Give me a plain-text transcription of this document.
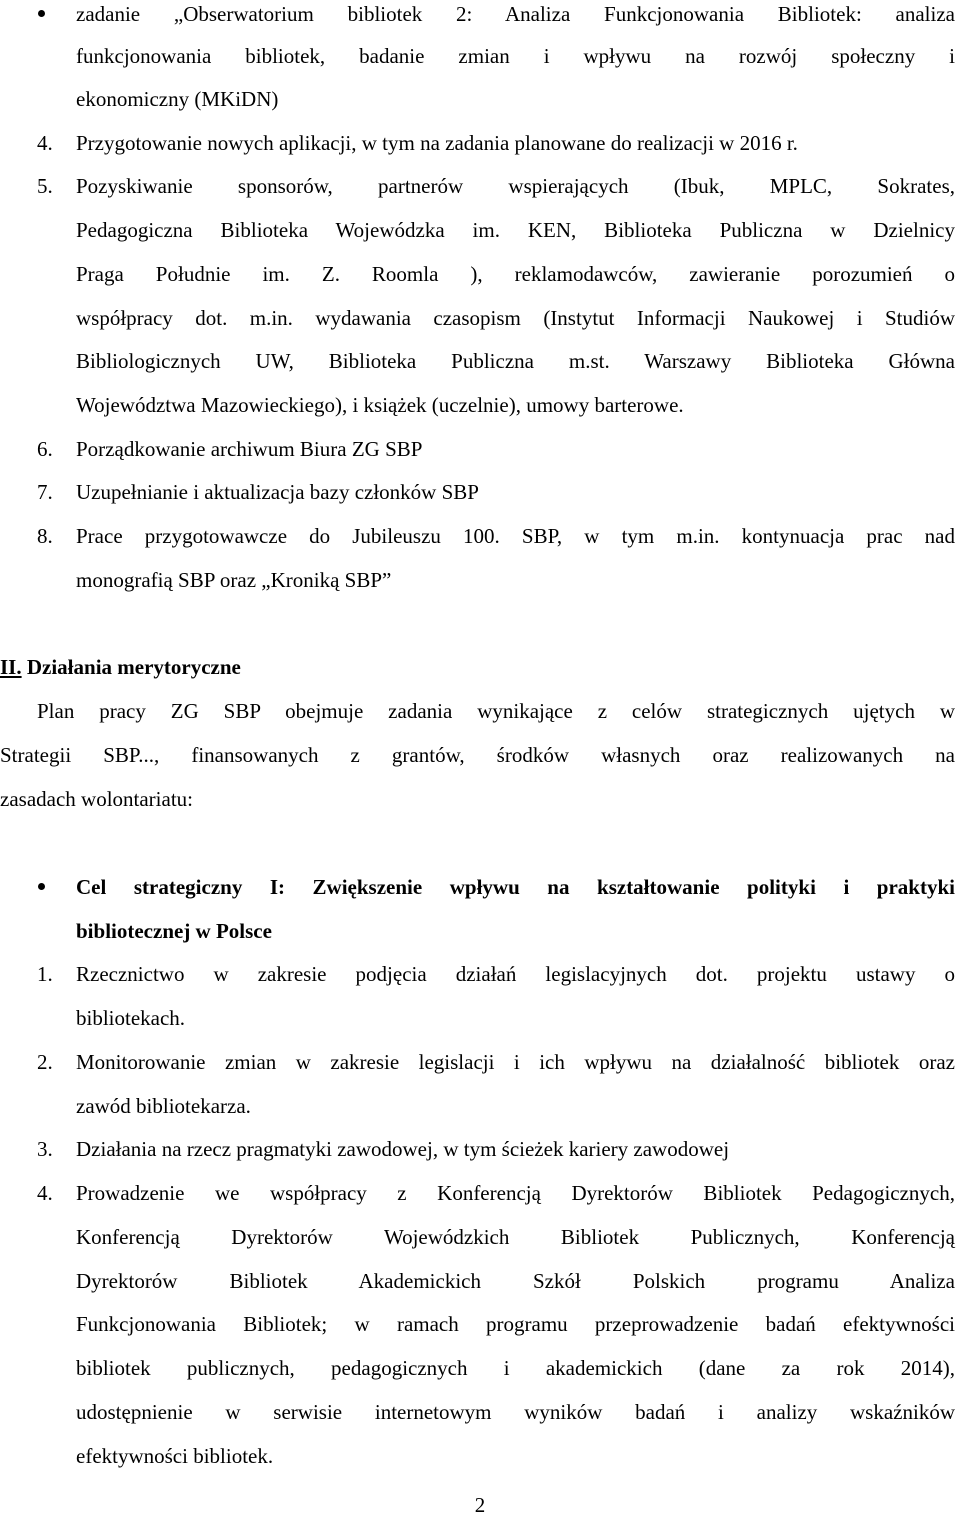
zadanie „Obserwatorium bibliotek 2: Analiza Funkcjonowania Bibliotek: analiza
funkcjonowania bibliotek, badanie zmian i wpływu na rozwój społeczny i
ekonomiczny (MKiDN)
4. Przygotowanie nowych aplikacji, w tym na zadania planowane do realizacji w 2016 r.
5. Pozyskiwanie sponsorów, partnerów wspierających (Ibuk, MPLC, Sokrates,
Pedagogiczna Biblioteka Wojewódzka im. KEN, Biblioteka Publiczna w Dzielnicy
Praga Południe im. Z. Roomla ), reklamodawców, zawieranie porozumień o
współpracy dot. m.in. wydawania czasopism (Instytut Informacji Naukowej i Studiów
Bibliologicznych UW, Biblioteka Publiczna m.st. Warszawy Biblioteka Główna
Województwa Mazowieckiego), i książek (uczelnie), umowy barterowe.
6. Porządkowanie archiwum Biura ZG SBP
7. Uzupełnianie i aktualizacja bazy członków SBP
8. Prace przygotowawcze do Jubileuszu 100. SBP, w tym m.in. kontynuacja prac nad
monografią SBP oraz „Kroniką SBP”
II. Działania merytoryczne
Plan pracy ZG SBP obejmuje zadania wynikające z celów strategicznych ujętych w
Strategii SBP..., finansowanych z grantów, środków własnych oraz realizowanych na
zasadach wolontariatu:
Cel strategiczny I: Zwiększenie wpływu na kształtowanie polityki i praktyki
bibliotecznej w Polsce
1. Rzecznictwo w zakresie podjęcia działań legislacyjnych dot. projektu ustawy o
bibliotekach.
2. Monitorowanie zmian w zakresie legislacji i ich wpływu na działalność bibliotek oraz
zawód bibliotekarza.
3. Działania na rzecz pragmatyki zawodowej, w tym ścieżek kariery zawodowej
4. Prowadzenie we współpracy z Konferencją Dyrektorów Bibliotek Pedagogicznych,
Konferencją Dyrektorów Wojewódzkich Bibliotek Publicznych, Konferencją
Dyrektorów Bibliotek Akademickich Szkół Polskich programu Analiza
Funkcjonowania Bibliotek; w ramach programu przeprowadzenie badań efektywności
bibliotek publicznych, pedagogicznych i akademickich (dane za rok 2014),
udostępnienie w serwisie internetowym wyników badań i analizy wskaźników
efektywności bibliotek.
2
